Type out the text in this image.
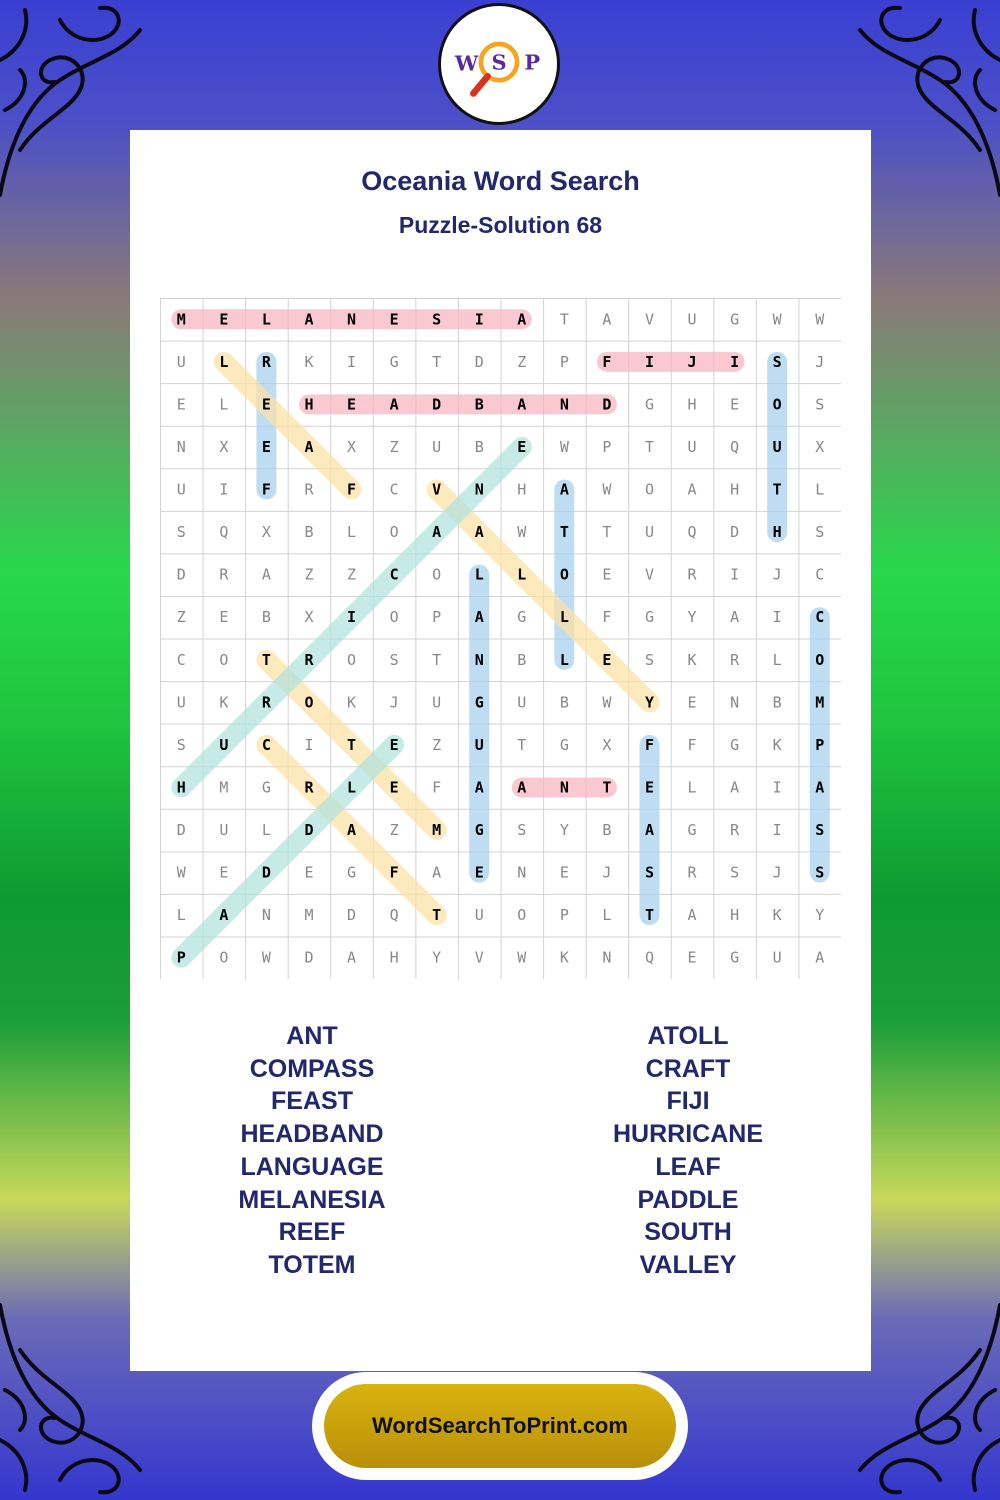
W S P
Oceania Word Search
Puzzle-Solution 68
M E L A N E S I A T A V U G W W
U L R K I G T D Z P F I J I S J
E L E H E A D B A N D G H E O S
N X E A X Z U B E W P T U Q U X
U I F R F C V N H A W O A H T L
S Q X B L O A A W T T U Q D H S
D R A Z Z C O L L O E V R I J C
Z E B X I O P A G L F G Y A I C
C O T R O S T N B L E S K R L O
U K R O K J U G U B W Y E N B M
S U C I T E Z U T G X F F G K P
H M G R L E F A A N T E L A I A
D U L D A Z M G S Y B A G R I S
W E D E G F A E N E J S R S J S
L A N M D Q T U O P L T A H K Y
P O W D A H Y V W K N Q E G U A
ANT
COMPASS
FEAST
HEADBAND
LANGUAGE
MELANESIA
REEF
TOTEM
ATOLL
CRAFT
FIJI
HURRICANE
LEAF
PADDLE
SOUTH
VALLEY
WordSearchToPrint.com
